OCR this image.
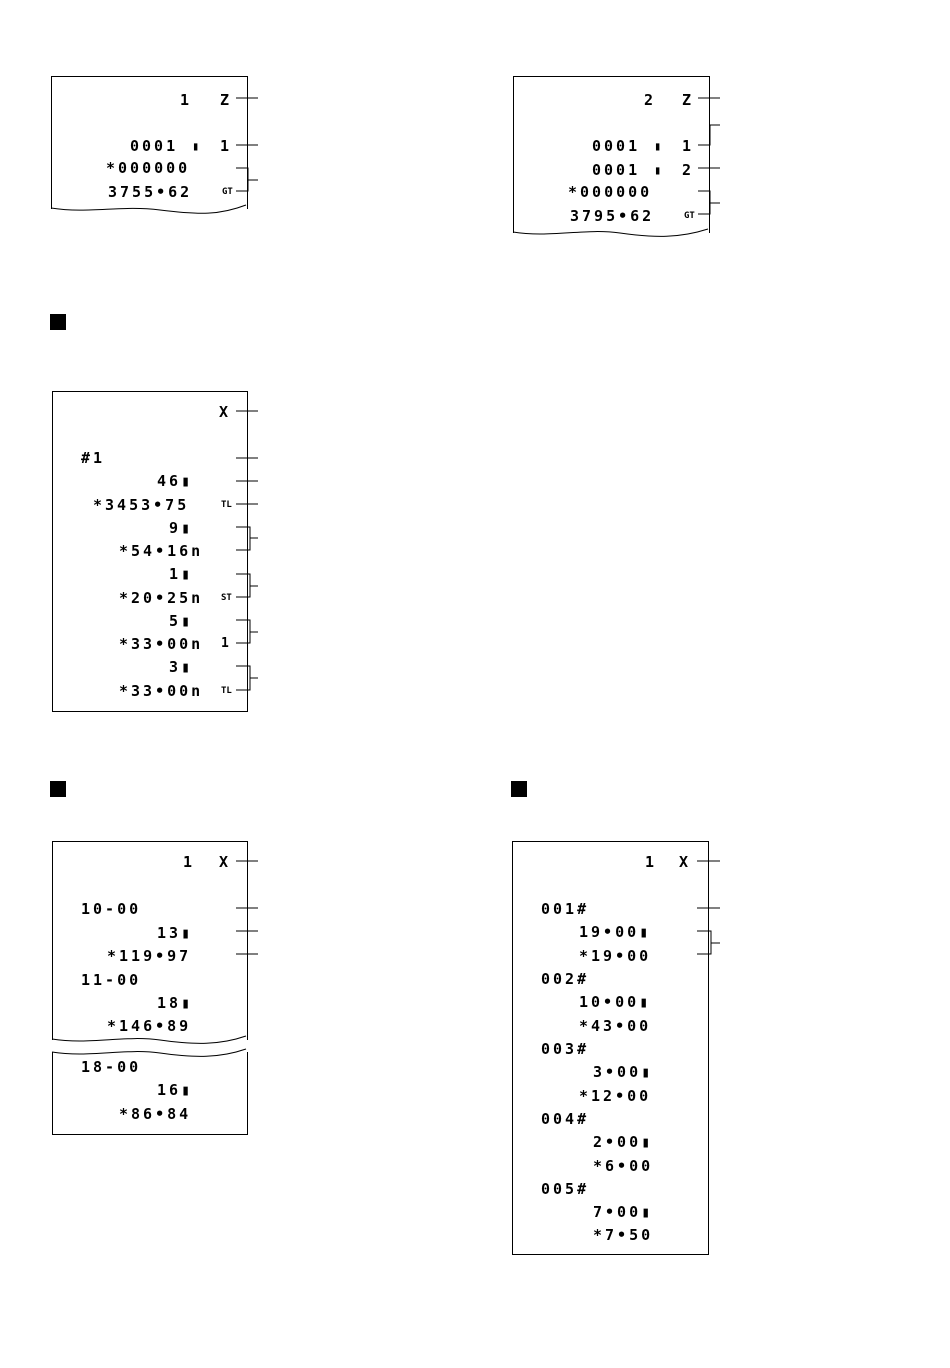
1 Z
0001 ▮ 1
*000000
3755•62	GT
2 Z
0001 ▮ 1
0001 ▮ 2
*000000
3795•62	GT
X
#1
46▮
*3453•75	TL
9▮
*54•16n
1▮
*20•25n ST
5▮
*33•00n 1
3▮
*33•00n TL
1 X
10-00
13▮
*119•97
11-00
18▮
*146•89
18-00
16▮
*86•84
1 X
001#
19•00▮
*19•00
002#
10•00▮
*43•00
003#
3•00▮
*12•00
004#
2•00▮
*6•00
005#
7•00▮
*7•50
